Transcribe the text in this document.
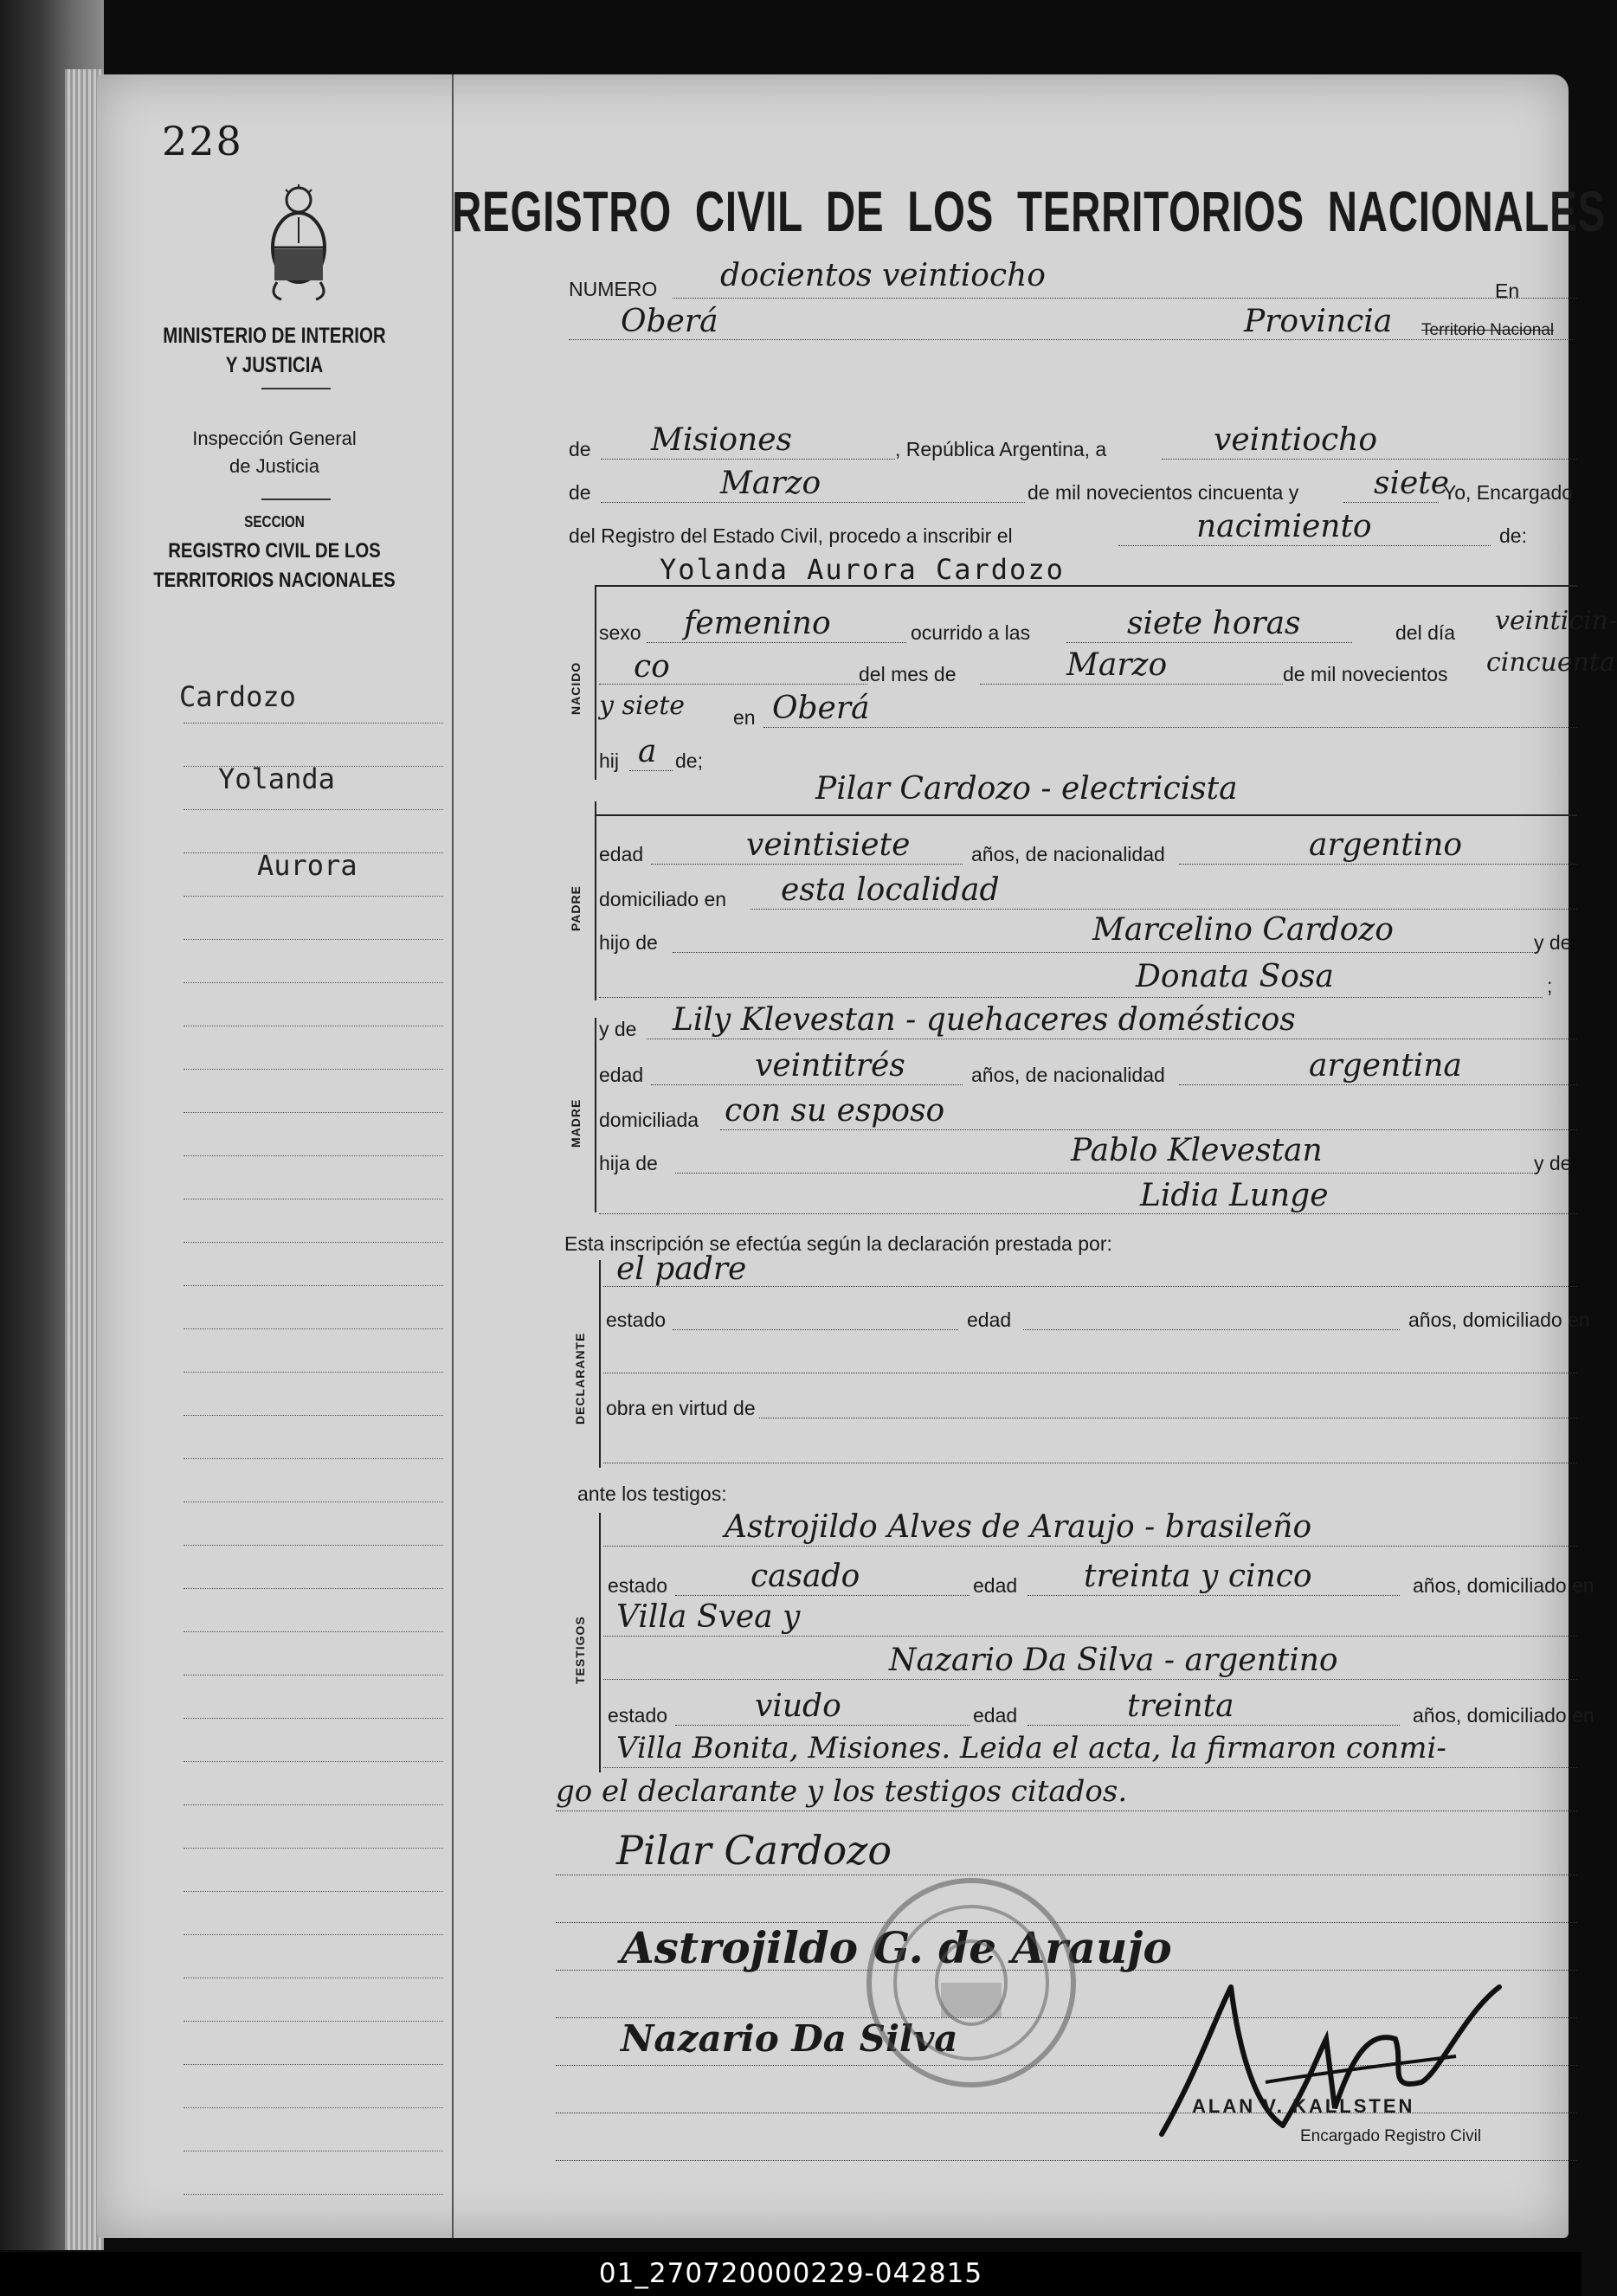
228
MINISTERIO DE INTERIOR
Y JUSTICIA
Inspección General
de Justicia
SECCION
REGISTRO CIVIL DE LOS
TERRITORIOS NACIONALES
Cardozo
Yolanda
Aurora
REGISTRO CIVIL DE LOS TERRITORIOS NACIONALES
NUMERO docientos veintiocho	En
Oberá	Provincia Territorio Nacional
de Misiones	, República Argentina, a	veintiocho
de	Marzo	de mil novecientos cincuenta y siete
Yo, Encargado
del Registro del Estado Civil, procedo a inscribir el	nacimiento	de:
NACIDO
Yolanda Aurora Cardozo
sexo femenino	ocurrido a las	siete horas	del día veinticin-
co	del mes de	Marzo	de mil novecientos cincuenta
y siete en Oberá
hij a de;
PADRE
Pilar Cardozo - electricista
edad	veintisiete	años, de nacionalidad	argentino
domiciliado en esta localidad
hijo de	Marcelino Cardozo	y de
Donata Sosa	;
MADRE
y de Lily Klevestan - quehaceres domésticos
edad	veintitrés	años, de nacionalidad	argentina
domiciliada con su esposo
hija de	Pablo Klevestan	y de
Lidia Lunge
Esta inscripción se efectúa según la declaración prestada por:
DECLARANTE
el padre
estado	edad	años, domiciliado en
obra en virtud de
ante los testigos:
TESTIGOS
Astrojildo Alves de Araujo - brasileño
estado	casado	edad treinta y cinco	años, domiciliado en
Villa Svea y
Nazario Da Silva - argentino
estado	viudo	edad	treinta	años, domiciliado en
Villa Bonita, Misiones. Leida el acta, la firmaron conmi-
go el declarante y los testigos citados.
Pilar Cardozo
Astrojildo G. de Araujo
Nazario Da Silva
ALAN V. KALLSTEN
Encargado Registro Civil
01_270720000229-042815
